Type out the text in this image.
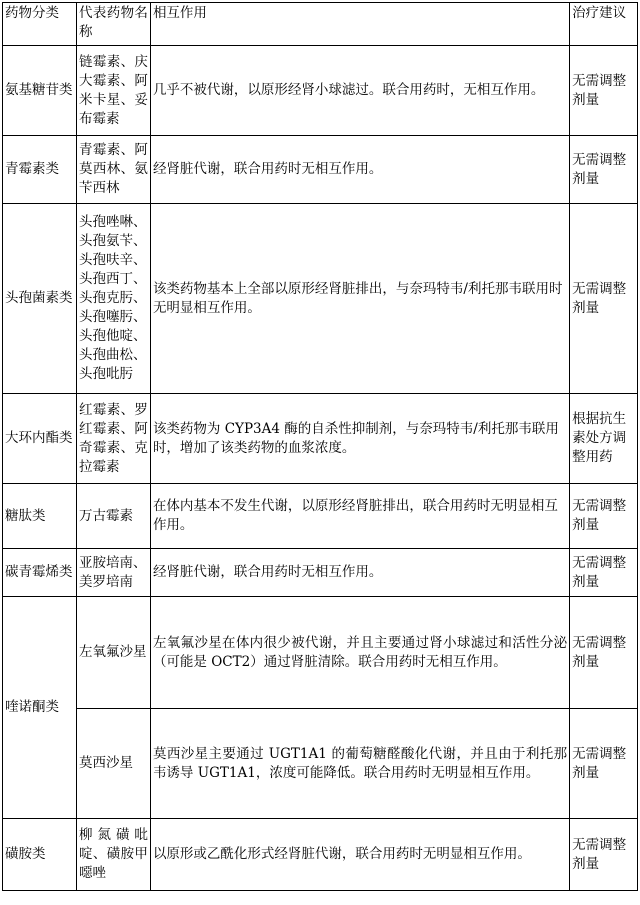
药物分类	代表药物名称	相互作用	治疗建议
氨基糖苷类	链霉素、庆大霉素、阿米卡星、妥布霉素	几乎不被代谢，以原形经肾小球滤过。联合用药时，无相互作用。	无需调整剂量
青霉素类	青霉素、阿莫西林、氨苄西林	经肾脏代谢，联合用药时无相互作用。	无需调整剂量
头孢菌素类	头孢唑啉、头孢氨苄、头孢呋辛、头孢西丁、头孢克肟、头孢噻肟、头孢他啶、头孢曲松、头孢吡肟	该类药物基本上全部以原形经肾脏排出，与奈玛特韦/利托那韦联用时无明显相互作用。	无需调整剂量
大环内酯类	红霉素、罗红霉素、阿奇霉素、克拉霉素	该类药物为 CYP3A4 酶的自杀性抑制剂，与奈玛特韦/利托那韦联用时，增加了该类药物的血浆浓度。	根据抗生素处方调整用药
糖肽类	万古霉素	在体内基本不发生代谢，以原形经肾脏排出，联合用药时无明显相互作用。	无需调整剂量
碳青霉烯类	亚胺培南、美罗培南	经肾脏代谢，联合用药时无相互作用。	无需调整剂量
喹诺酮类	左氧氟沙星	左氧氟沙星在体内很少被代谢，并且主要通过肾小球滤过和活性分泌（可能是 OCT2）通过肾脏清除。联合用药时无相互作用。	无需调整剂量
	莫西沙星	莫西沙星主要通过 UGT1A1 的葡萄糖醛酸化代谢，并且由于利托那韦诱导 UGT1A1，浓度可能降低。联合用药时无明显相互作用。	无需调整剂量
磺胺类	柳氮磺吡啶、磺胺甲噁唑	以原形或乙酰化形式经肾脏代谢，联合用药时无明显相互作用。	无需调整剂量
